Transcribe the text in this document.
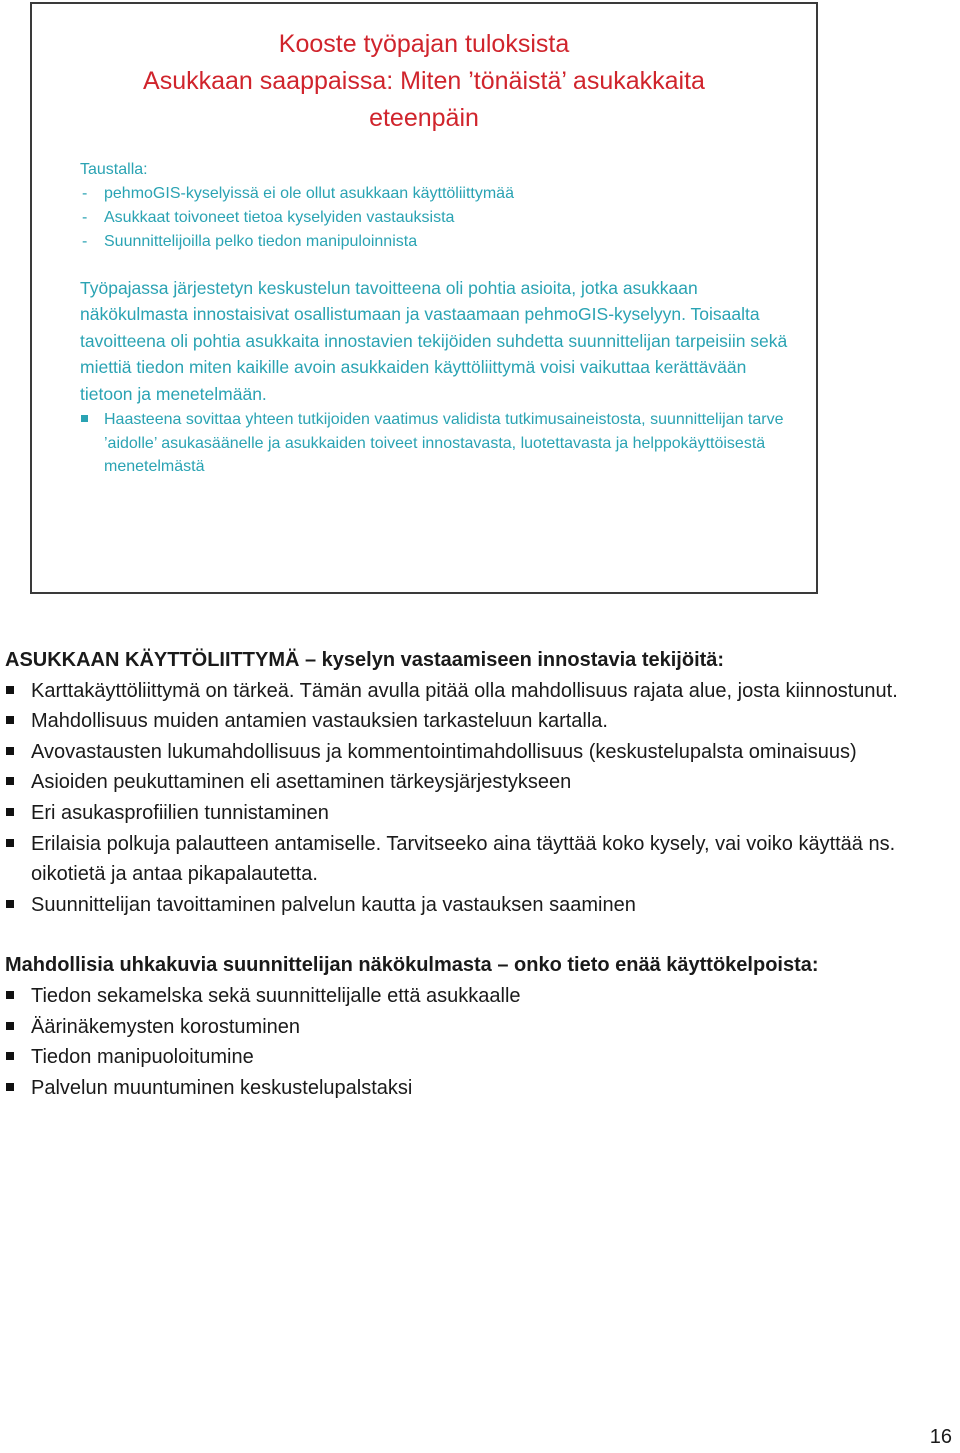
Kooste työpajan tuloksista
Asukkaan saappaissa: Miten ’tönäistä’ asukakkaita
eteenpäin
Taustalla:
- pehmoGIS-kyselyissä ei ole ollut asukkaan käyttöliittymää
- Asukkaat toivoneet tietoa kyselyiden vastauksista
- Suunnittelijoilla pelko tiedon manipuloinnista

Työpajassa järjestetyn keskustelun tavoitteena oli pohtia asioita, jotka asukkaan näkökulmasta innostaisivat osallistumaan ja vastaamaan pehmoGIS-kyselyyn. Toisaalta tavoitteena oli pohtia asukkaita innostavien tekijöiden suhdetta suunnittelijan tarpeisiin sekä miettiä tiedon miten kaikille avoin asukkaiden käyttöliittymä voisi vaikuttaa kerättävään tietoon ja menetelmään.

Haasteena sovittaa yhteen tutkijoiden vaatimus validista tutkimusaineistosta, suunnittelijan tarve ’aidolle’ asukasäänelle ja asukkaiden toiveet innostavasta, luotettavasta ja helppokäyttöisestä menetelmästä
ASUKKAAN KÄYTTÖLIITTYMÄ – kyselyn vastaamiseen innostavia tekijöitä:
Karttakäyttöliittymä on tärkeä. Tämän avulla pitää olla mahdollisuus rajata alue, josta kiinnostunut.
Mahdollisuus muiden antamien vastauksien tarkasteluun kartalla.
Avovastausten lukumahdollisuus ja kommentointimahdollisuus (keskustelupalsta ominaisuus)
Asioiden peukuttaminen eli asettaminen tärkeysjärjestykseen
Eri asukasprofiilien tunnistaminen
Erilaisia polkuja palautteen antamiselle. Tarvitseeko aina täyttää koko kysely, vai voiko käyttää ns. oikotietä ja antaa pikapalautetta.
Suunnittelijan tavoittaminen palvelun kautta ja vastauksen saaminen
Mahdollisia uhkakuvia suunnittelijan näkökulmasta – onko tieto enää käyttökelpoista:
Tiedon sekamelska sekä suunnittelijalle että asukkaalle
Äärinäkemysten korostuminen
Tiedon manipuoloitumine
Palvelun muuntuminen keskustelupalstaksi
16
